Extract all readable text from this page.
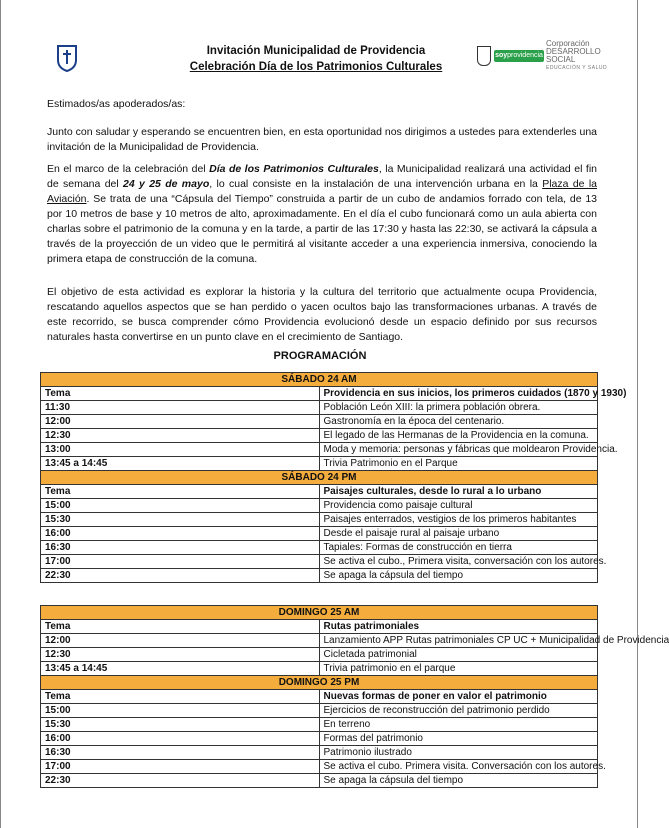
Invitación Municipalidad de Providencia
Celebración Día de los Patrimonios Culturales
soyprovidencia
Corporación
DESARROLLO
SOCIAL
EDUCACIÓN Y SALUD
Estimados/as apoderados/as:
Junto con saludar y esperando se encuentren bien, en esta oportunidad nos dirigimos a ustedes para extenderles una invitación de la Municipalidad de Providencia.
En el marco de la celebración del Día de los Patrimonios Culturales, la Municipalidad realizará una actividad el fin de semana del 24 y 25 de mayo, lo cual consiste en la instalación de una intervención urbana en la Plaza de la Aviación. Se trata de una “Cápsula del Tiempo” construida a partir de un cubo de andamios forrado con tela, de 13 por 10 metros de base y 10 metros de alto, aproximadamente. En el día el cubo funcionará como un aula abierta con charlas sobre el patrimonio de la comuna y en la tarde, a partir de las 17:30 y hasta las 22:30, se activará la cápsula a través de la proyección de un video que le permitirá al visitante acceder a una experiencia inmersiva, conociendo la primera etapa de construcción de la comuna.
El objetivo de esta actividad es explorar la historia y la cultura del territorio que actualmente ocupa Providencia, rescatando aquellos aspectos que se han perdido o yacen ocultos bajo las transformaciones urbanas. A través de este recorrido, se busca comprender cómo Providencia evolucionó desde un espacio definido por sus recursos naturales hasta convertirse en un punto clave en el crecimiento de Santiago.
PROGRAMACIÓN
SÁBADO 24 AM	
Tema	Providencia en sus inicios, los primeros cuidados (1870 y 1930)
11:30	Población León XIII: la primera población obrera.
12:00	Gastronomía en la época del centenario.
12:30	El legado de las Hermanas de la Providencia en la comuna.
13:00	Moda y memoria: personas y fábricas que moldearon Providencia.
13:45 a 14:45	Trivia Patrimonio en el Parque
SÁBADO 24 PM	
Tema	Paisajes culturales, desde lo rural a lo urbano
15:00	Providencia como paisaje cultural
15:30	Paisajes enterrados, vestigios de los primeros habitantes
16:00	Desde el paisaje rural al paisaje urbano
16:30	Tapiales: Formas de construcción en tierra
17:00	Se activa el cubo., Primera visita, conversación con los autores.
22:30	Se apaga la cápsula del tiempo
DOMINGO 25 AM	
Tema	Rutas patrimoniales
12:00	Lanzamiento APP Rutas patrimoniales CP UC + Municipalidad de Providencia
12:30	Cicletada patrimonial
13:45 a 14:45	Trivia patrimonio en el parque
DOMINGO 25 PM	
Tema	Nuevas formas de poner en valor el patrimonio
15:00	Ejercicios de reconstrucción del patrimonio perdido
15:30	En terreno
16:00	Formas del patrimonio
16:30	Patrimonio ilustrado
17:00	Se activa el cubo. Primera visita. Conversación con los autores.
22:30	Se apaga la cápsula del tiempo
